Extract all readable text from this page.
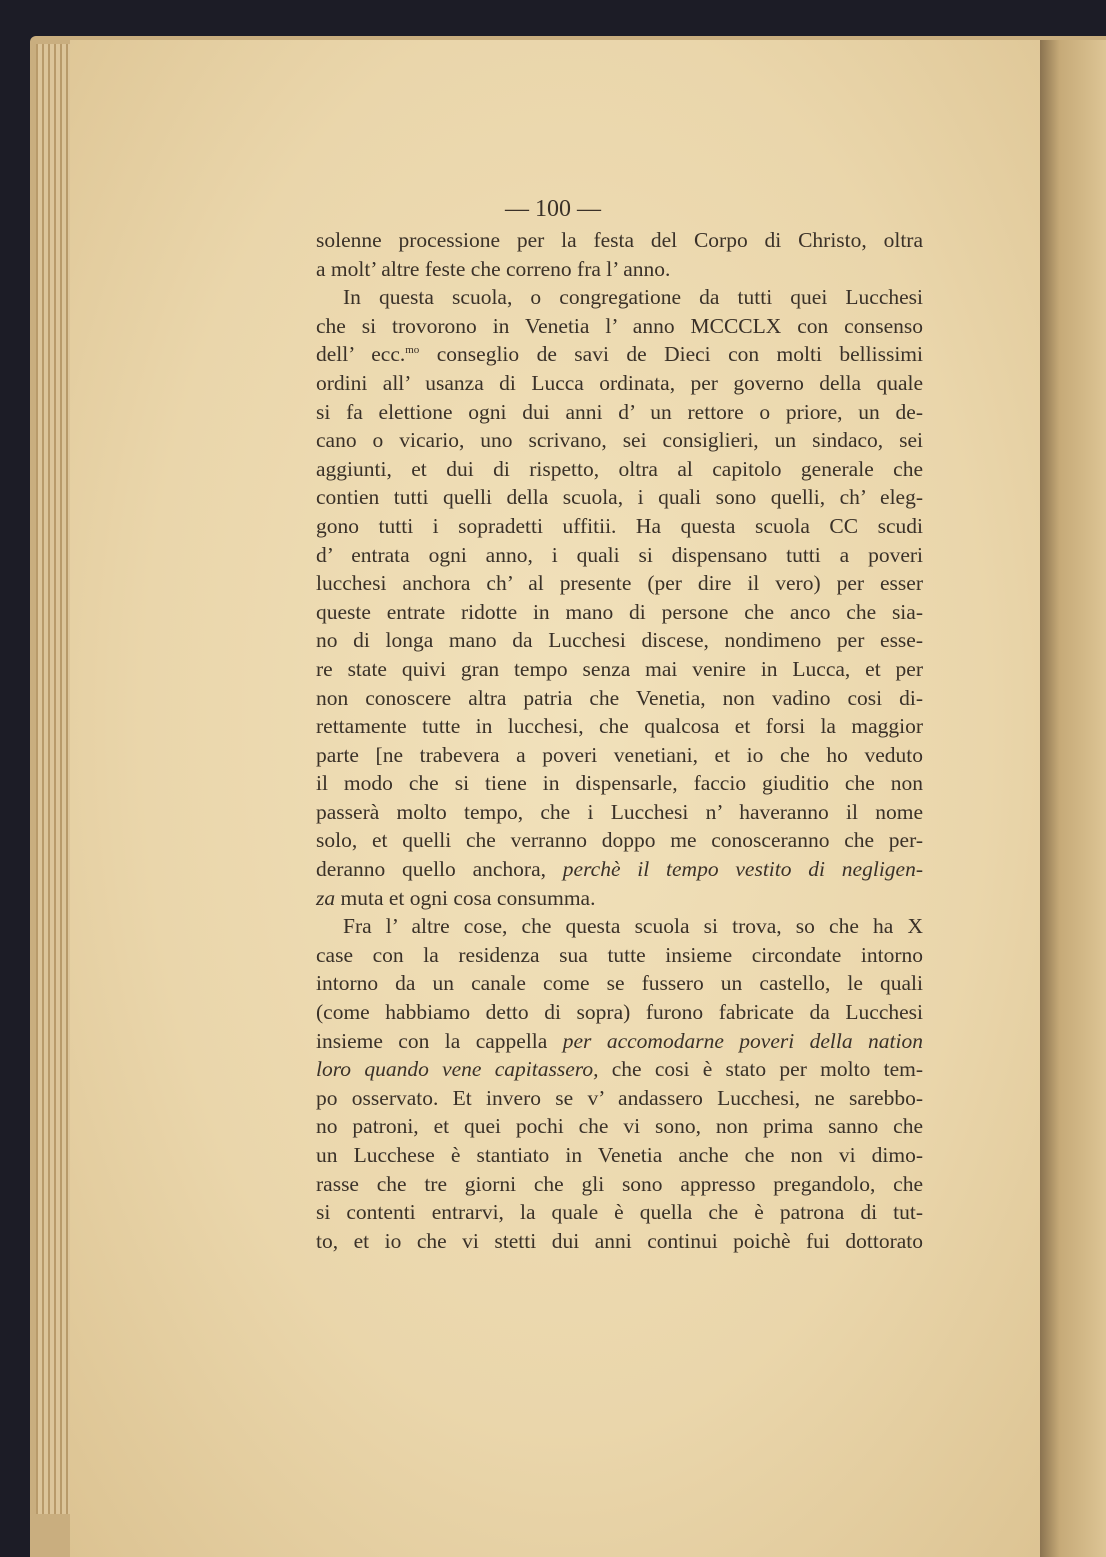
— 100 —
solenne processione per la festa del Corpo di Christo, oltra
a molt’ altre feste che correno fra l’ anno.
In questa scuola, o congregatione da tutti quei Lucchesi
che si trovorono in Venetia l’ anno MCCCLX con consenso
dell’ ecc.$^{mo}$ conseglio de savi de Dieci con molti bellissimi
ordini all’ usanza di Lucca ordinata, per governo della quale
si fa elettione ogni dui anni d’ un rettore o priore, un de-
cano o vicario, uno scrivano, sei consiglieri, un sindaco, sei
aggiunti, et dui di rispetto, oltra al capitolo generale che
contien tutti quelli della scuola, i quali sono quelli, ch’ eleg-
gono tutti i sopradetti uffitii. Ha questa scuola CC scudi
d’ entrata ogni anno, i quali si dispensano tutti a poveri
lucchesi anchora ch’ al presente (per dire il vero) per esser
queste entrate ridotte in mano di persone che anco che sia-
no di longa mano da Lucchesi discese, nondimeno per esse-
re state quivi gran tempo senza mai venire in Lucca, et per
non conoscere altra patria che Venetia, non vadino cosi di-
rettamente tutte in lucchesi, che qualcosa et forsi la maggior
parte [ne trabevera a poveri venetiani, et io che ho veduto
il modo che si tiene in dispensarle, faccio giuditio che non
passerà molto tempo, che i Lucchesi n’ haveranno il nome
solo, et quelli che verranno doppo me conosceranno che per-
deranno quello anchora, perchè il tempo vestito di negligen-
za muta et ogni cosa consumma.
Fra l’ altre cose, che questa scuola si trova, so che ha X
case con la residenza sua tutte insieme circondate intorno
intorno da un canale come se fussero un castello, le quali
(come habbiamo detto di sopra) furono fabricate da Lucchesi
insieme con la cappella per accomodarne poveri della nation
loro quando vene capitassero, che cosi è stato per molto tem-
po osservato. Et invero se v’ andassero Lucchesi, ne sarebbo-
no patroni, et quei pochi che vi sono, non prima sanno che
un Lucchese è stantiato in Venetia anche che non vi dimo-
rasse che tre giorni che gli sono appresso pregandolo, che
si contenti entrarvi, la quale è quella che è patrona di tut-
to, et io che vi stetti dui anni continui poichè fui dottorato
